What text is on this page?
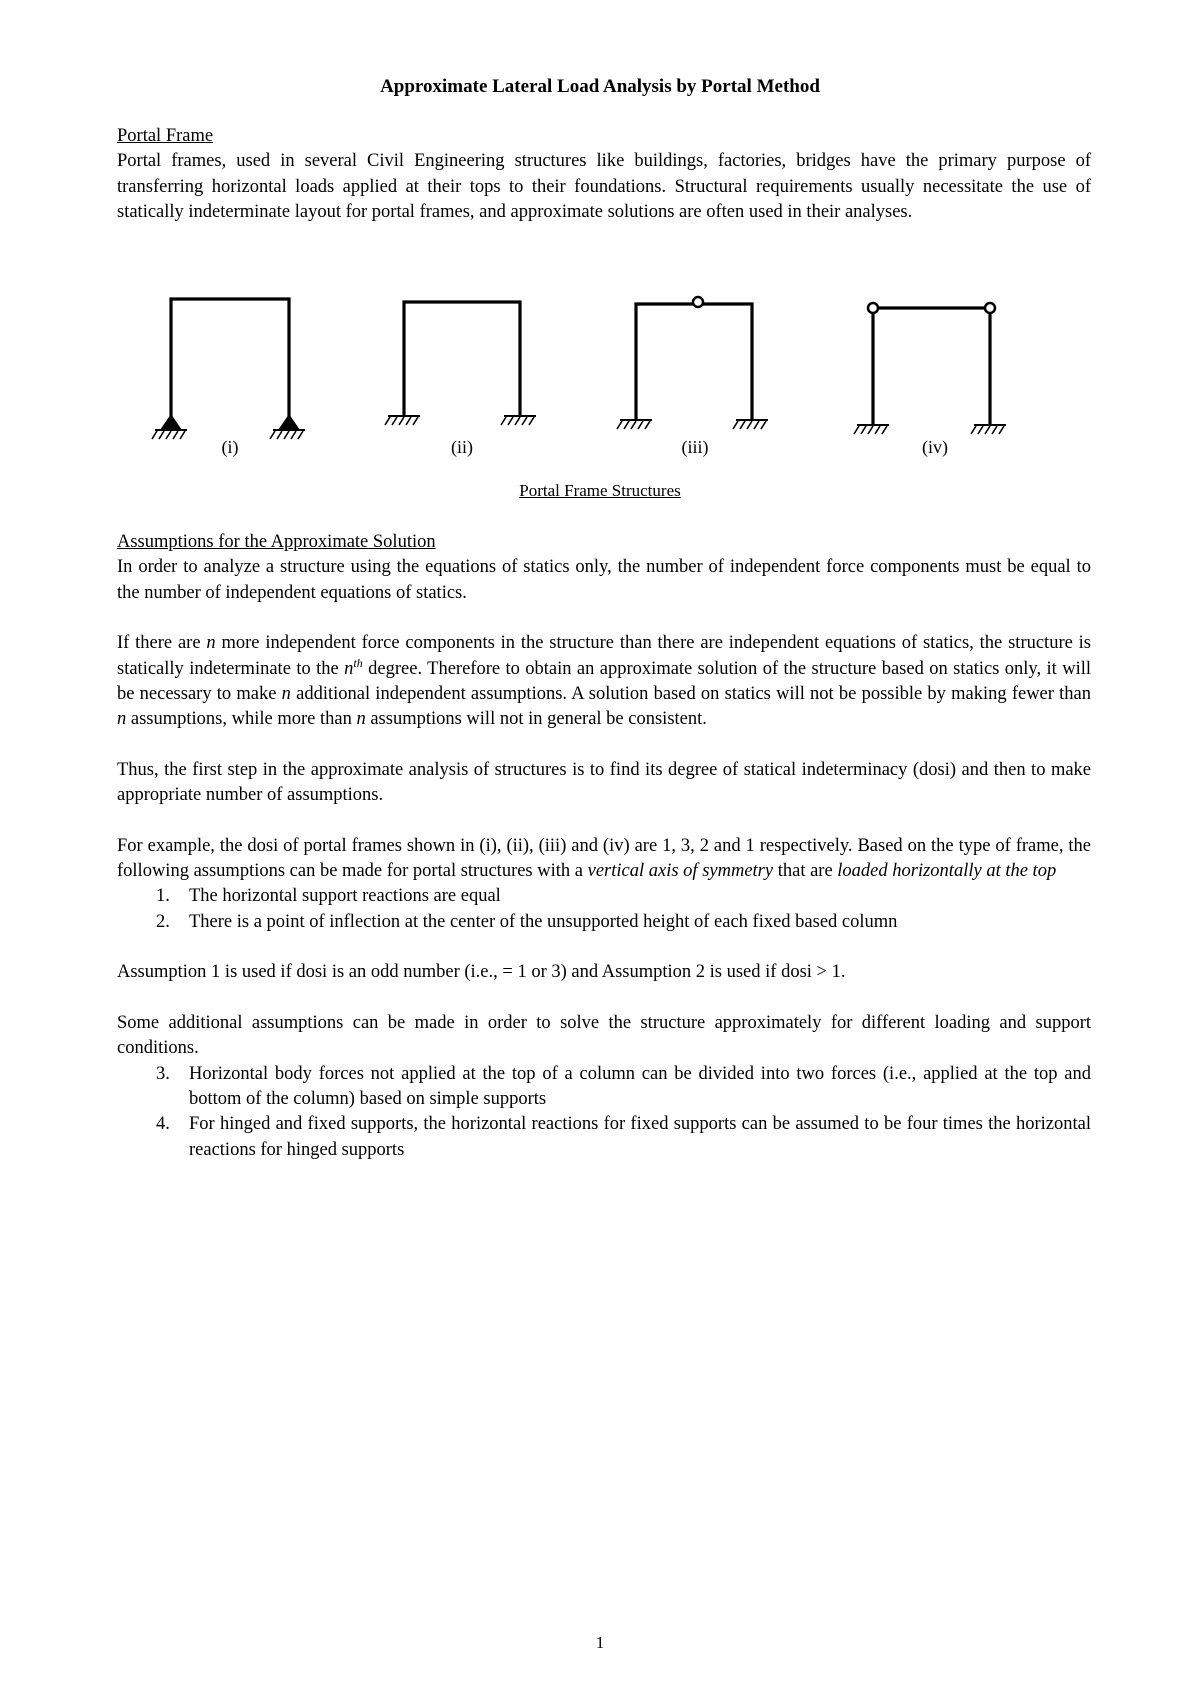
Approximate Lateral Load Analysis by Portal Method
Portal Frame

Portal frames, used in several Civil Engineering structures like buildings, factories, bridges have the primary purpose of transferring horizontal loads applied at their tops to their foundations. Structural requirements usually necessitate the use of statically indeterminate layout for portal frames, and approximate solutions are often used in their analyses.

(i)	(ii)	(iii)	(iv)
Portal Frame Structures
Assumptions for the Approximate Solution

In order to analyze a structure using the equations of statics only, the number of independent force components must be equal to the number of independent equations of statics.

If there are n more independent force components in the structure than there are independent equations of statics, the structure is statically indeterminate to the $n^{th}$ degree. Therefore to obtain an approximate solution of the structure based on statics only, it will be necessary to make n additional independent assumptions. A solution based on statics will not be possible by making fewer than n assumptions, while more than n assumptions will not in general be consistent.

Thus, the first step in the approximate analysis of structures is to find its degree of statical indeterminacy (dosi) and then to make appropriate number of assumptions.

For example, the dosi of portal frames shown in (i), (ii), (iii) and (iv) are 1, 3, 2 and 1 respectively. Based on the type of frame, the following assumptions can be made for portal structures with a vertical axis of symmetry that are loaded horizontally at the top

1. The horizontal support reactions are equal
2. There is a point of inflection at the center of the unsupported height of each fixed based column

Assumption 1 is used if dosi is an odd number (i.e., = 1 or 3) and Assumption 2 is used if dosi > 1.

Some additional assumptions can be made in order to solve the structure approximately for different loading and support conditions.

3. Horizontal body forces not applied at the top of a column can be divided into two forces (i.e., applied at the top and bottom of the column) based on simple supports
4. For hinged and fixed supports, the horizontal reactions for fixed supports can be assumed to be four times the horizontal reactions for hinged supports
1
